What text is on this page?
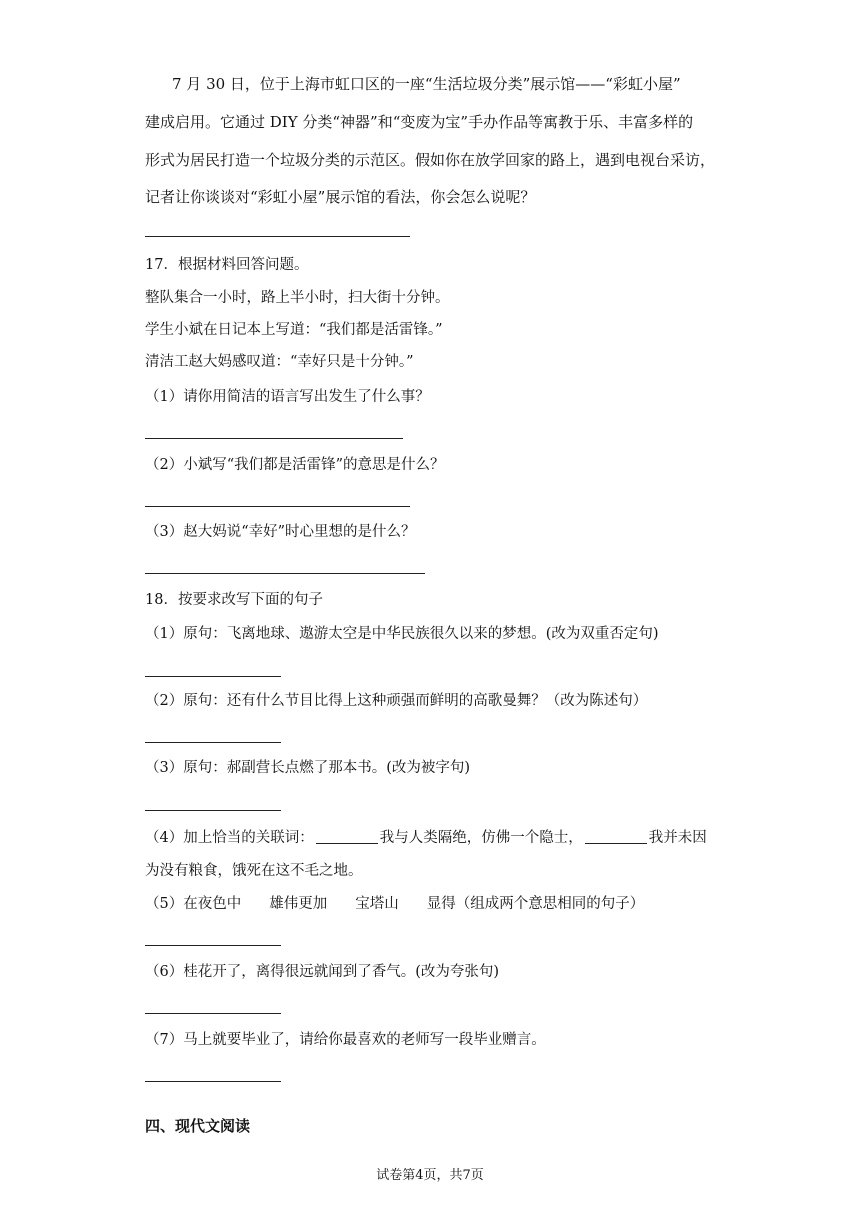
7 月 30 日，位于上海市虹口区的一座“生活垃圾分类”展示馆——“彩虹小屋”
建成启用。它通过 DIY 分类“神器”和“变废为宝”手办作品等寓教于乐、丰富多样的
形式为居民打造一个垃圾分类的示范区。假如你在放学回家的路上，遇到电视台采访，
记者让你谈谈对“彩虹小屋”展示馆的看法，你会怎么说呢？
17．根据材料回答问题。
整队集合一小时，路上半小时，扫大街十分钟。
学生小斌在日记本上写道：“我们都是活雷锋。”
清洁工赵大妈感叹道：“幸好只是十分钟。”
（1）请你用简洁的语言写出发生了什么事？
（2）小斌写“我们都是活雷锋”的意思是什么？
（3）赵大妈说“幸好”时心里想的是什么？
18．按要求改写下面的句子
（1）原句：飞离地球、遨游太空是中华民族很久以来的梦想。(改为双重否定句)
（2）原句：还有什么节目比得上这种顽强而鲜明的高歌曼舞？（改为陈述句）
（3）原句：郝副营长点燃了那本书。(改为被字句)
（4）加上恰当的关联词：	我与人类隔绝，仿佛一个隐士，	我并未因
为没有粮食，饿死在这不毛之地。
（5）在夜色中 雄伟更加 宝塔山 显得（组成两个意思相同的句子）
（6）桂花开了，离得很远就闻到了香气。(改为夸张句)
（7）马上就要毕业了，请给你最喜欢的老师写一段毕业赠言。
四、现代文阅读
试卷第4页，共7页
